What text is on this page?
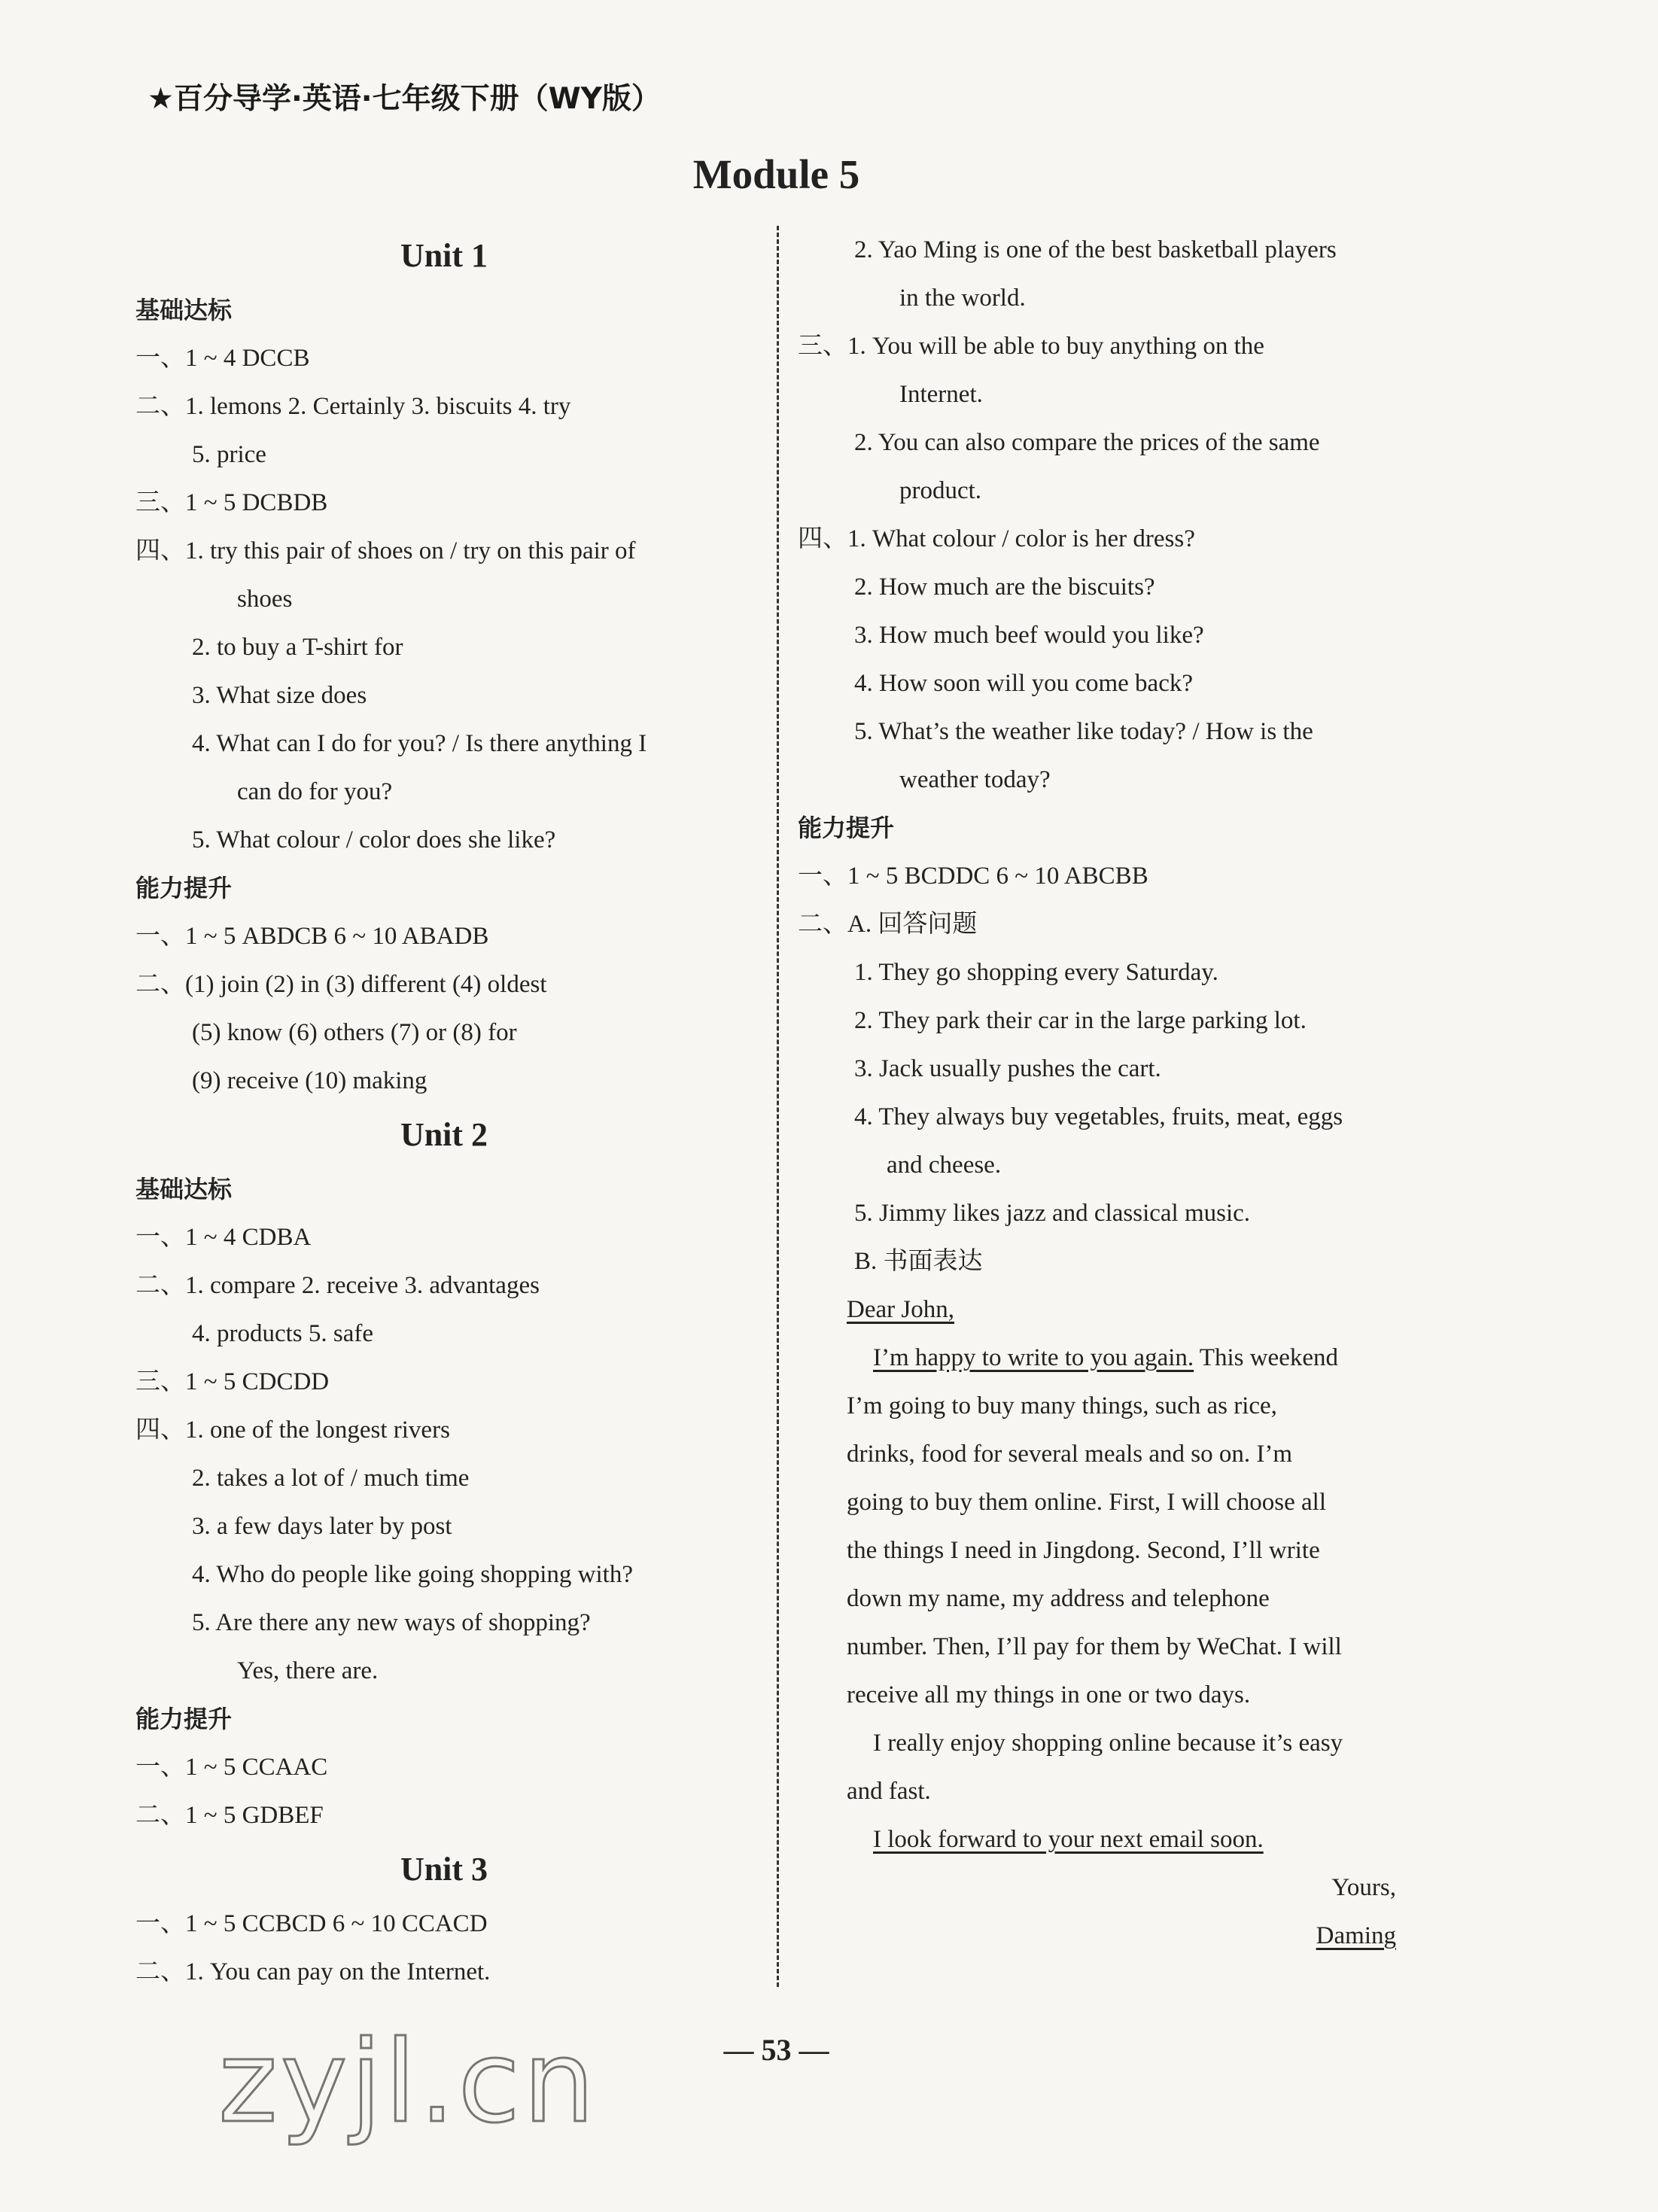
★百分导学·英语·七年级下册（WY版）
Module 5
Unit 1
基础达标
一、1 ~ 4 DCCB
二、1. lemons 2. Certainly 3. biscuits 4. try
5. price
三、1 ~ 5 DCBDB
四、1. try this pair of shoes on / try on this pair of
shoes
2. to buy a T-shirt for
3. What size does
4. What can I do for you? / Is there anything I
can do for you?
5. What colour / color does she like?
能力提升
一、1 ~ 5 ABDCB 6 ~ 10 ABADB
二、(1) join (2) in (3) different (4) oldest
(5) know (6) others (7) or (8) for
(9) receive (10) making
Unit 2
基础达标
一、1 ~ 4 CDBA
二、1. compare 2. receive 3. advantages
4. products 5. safe
三、1 ~ 5 CDCDD
四、1. one of the longest rivers
2. takes a lot of / much time
3. a few days later by post
4. Who do people like going shopping with?
5. Are there any new ways of shopping?
Yes, there are.
能力提升
一、1 ~ 5 CCAAC
二、1 ~ 5 GDBEF
Unit 3
一、1 ~ 5 CCBCD 6 ~ 10 CCACD
二、1. You can pay on the Internet.
2. Yao Ming is one of the best basketball players
in the world.
三、1. You will be able to buy anything on the
Internet.
2. You can also compare the prices of the same
product.
四、1. What colour / color is her dress?
2. How much are the biscuits?
3. How much beef would you like?
4. How soon will you come back?
5. What’s the weather like today? / How is the
weather today?
能力提升
一、1 ~ 5 BCDDC 6 ~ 10 ABCBB
二、A. 回答问题
1. They go shopping every Saturday.
2. They park their car in the large parking lot.
3. Jack usually pushes the cart.
4. They always buy vegetables, fruits, meat, eggs
and cheese.
5. Jimmy likes jazz and classical music.
B. 书面表达
Dear John,
I’m happy to write to you again. This weekend
I’m going to buy many things, such as rice,
drinks, food for several meals and so on. I’m
going to buy them online. First, I will choose all
the things I need in Jingdong. Second, I’ll write
down my name, my address and telephone
number. Then, I’ll pay for them by WeChat. I will
receive all my things in one or two days.
I really enjoy shopping online because it’s easy
and fast.
I look forward to your next email soon.
Yours,
Daming
— 53 —
zyjl.cn
